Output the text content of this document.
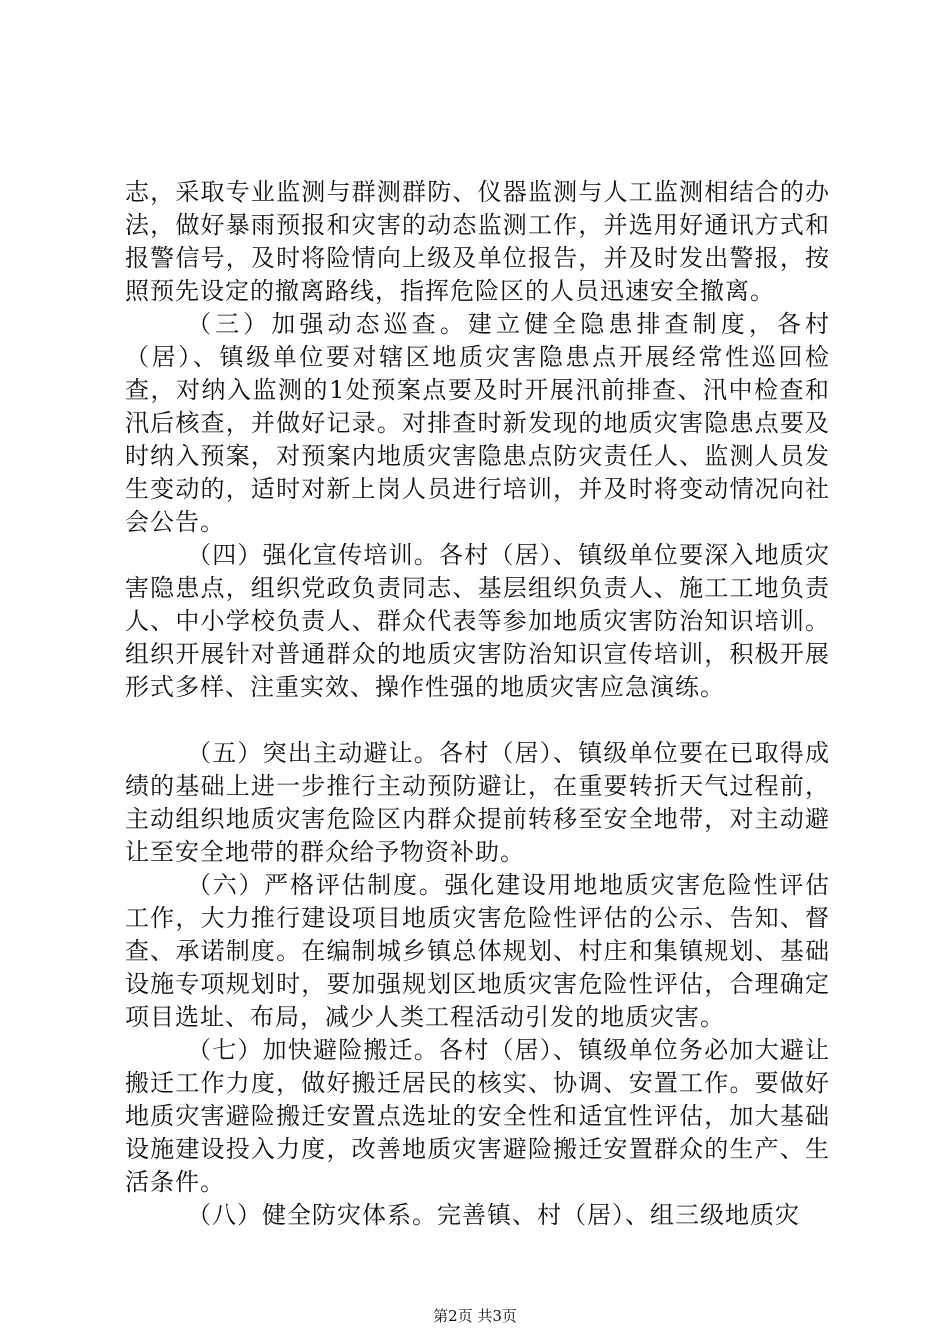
志，采取专业监测与群测群防、仪器监测与人工监测相结合的办法，做好暴雨预报和灾害的动态监测工作，并选用好通讯方式和报警信号，及时将险情向上级及单位报告，并及时发出警报，按照预先设定的撤离路线，指挥危险区的人员迅速安全撤离。

（三）加强动态巡查。建立健全隐患排查制度，各村（居）、镇级单位要对辖区地质灾害隐患点开展经常性巡回检查，对纳入监测的1处预案点要及时开展汛前排查、汛中检查和汛后核查，并做好记录。对排查时新发现的地质灾害隐患点要及时纳入预案，对预案内地质灾害隐患点防灾责任人、监测人员发生变动的，适时对新上岗人员进行培训，并及时将变动情况向社会公告。

（四）强化宣传培训。各村（居）、镇级单位要深入地质灾害隐患点，组织党政负责同志、基层组织负责人、施工工地负责人、中小学校负责人、群众代表等参加地质灾害防治知识培训。组织开展针对普通群众的地质灾害防治知识宣传培训，积极开展形式多样、注重实效、操作性强的地质灾害应急演练。

（五）突出主动避让。各村（居）、镇级单位要在已取得成绩的基础上进一步推行主动预防避让，在重要转折天气过程前，主动组织地质灾害危险区内群众提前转移至安全地带，对主动避让至安全地带的群众给予物资补助。

（六）严格评估制度。强化建设用地地质灾害危险性评估工作，大力推行建设项目地质灾害危险性评估的公示、告知、督查、承诺制度。在编制城乡镇总体规划、村庄和集镇规划、基础设施专项规划时，要加强规划区地质灾害危险性评估，合理确定项目选址、布局，减少人类工程活动引发的地质灾害。

（七）加快避险搬迁。各村（居）、镇级单位务必加大避让搬迁工作力度，做好搬迁居民的核实、协调、安置工作。要做好地质灾害避险搬迁安置点选址的安全性和适宜性评估，加大基础设施建设投入力度，改善地质灾害避险搬迁安置群众的生产、生活条件。

（八）健全防灾体系。完善镇、村（居）、组三级地质灾

第2页 共3页
